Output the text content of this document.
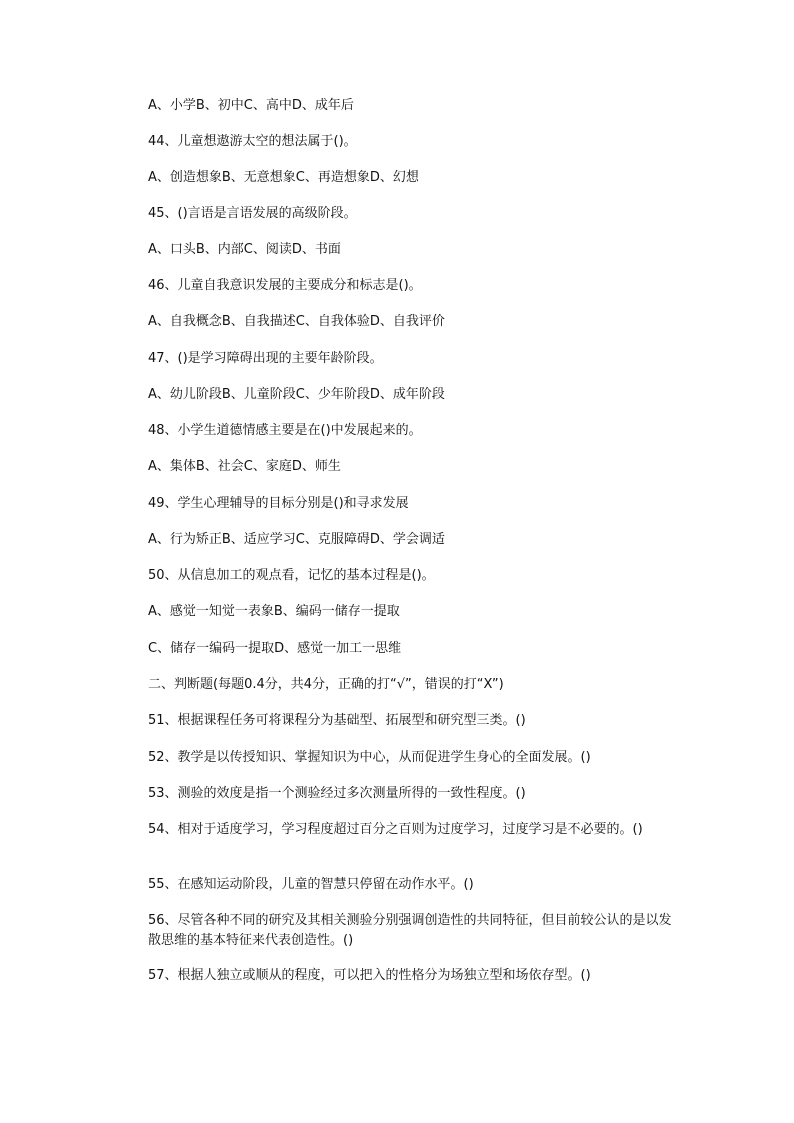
A、小学B、初中C、高中D、成年后
44、儿童想遨游太空的想法属于()。
A、创造想象B、无意想象C、再造想象D、幻想
45、()言语是言语发展的高级阶段。
A、口头B、内部C、阅读D、书面
46、儿童自我意识发展的主要成分和标志是()。
A、自我概念B、自我描述C、自我体验D、自我评价
47、()是学习障碍出现的主要年龄阶段。
A、幼儿阶段B、儿童阶段C、少年阶段D、成年阶段
48、小学生道德情感主要是在()中发展起来的。
A、集体B、社会C、家庭D、师生
49、学生心理辅导的目标分别是()和寻求发展
A、行为矫正B、适应学习C、克服障碍D、学会调适
50、从信息加工的观点看，记忆的基本过程是()。
A、感觉一知觉一表象B、编码一储存一提取
C、储存一编码一提取D、感觉一加工一思维
二、判断题(每题0.4分，共4分，正确的打“√”，错误的打“X”)
51、根据课程任务可将课程分为基础型、拓展型和研究型三类。()
52、教学是以传授知识、掌握知识为中心，从而促进学生身心的全面发展。()
53、测验的效度是指一个测验经过多次测量所得的一致性程度。()
54、相对于适度学习，学习程度超过百分之百则为过度学习，过度学习是不必要的。()
55、在感知运动阶段，儿童的智慧只停留在动作水平。()
56、尽管各种不同的研究及其相关测验分别强调创造性的共同特征，但目前较公认的是以发散思维的基本特征来代表创造性。()
57、根据人独立或顺从的程度，可以把入的性格分为场独立型和场依存型。()
